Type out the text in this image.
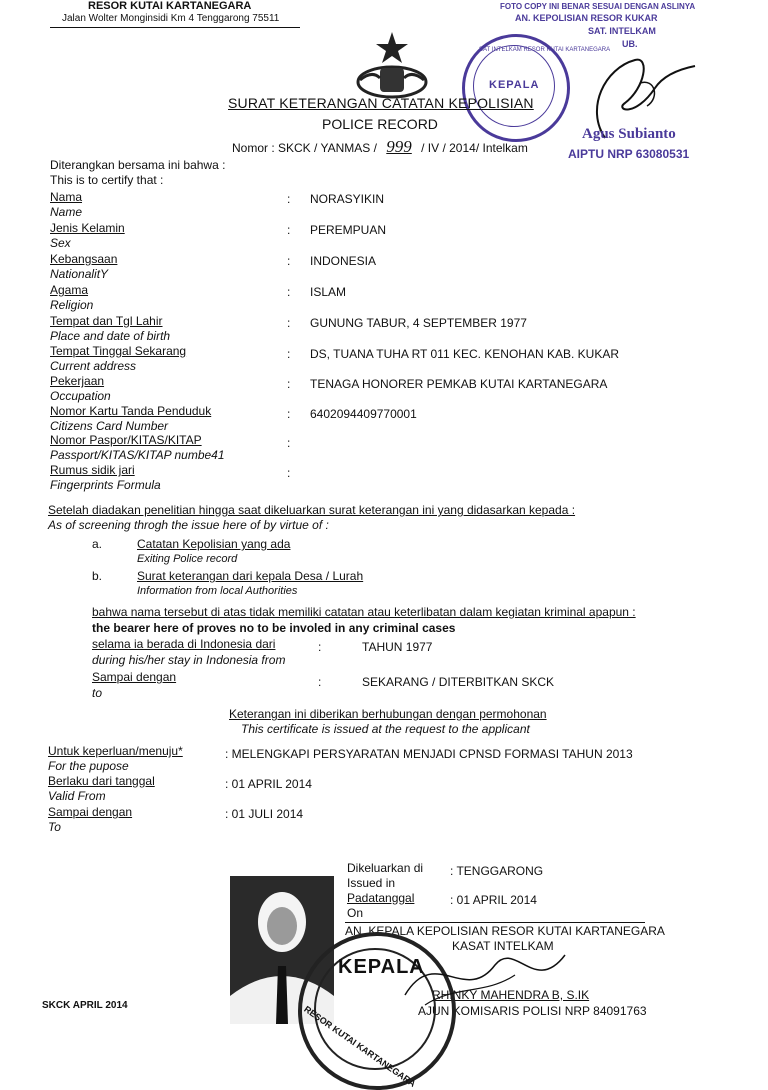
RESOR KUTAI KARTANEGARA
Jalan Wolter Monginsidi Km 4 Tenggarong 75511
FOTO COPY INI BENAR SESUAI DENGAN ASLINYA
AN. KEPOLISIAN RESOR KUKAR
SAT. INTELKAM
UB.
Agus Subianto
AIPTU NRP 63080531
KEPALA
SAT INTELKAM RESOR KUTAI KARTANEGARA
SURAT KETERANGAN CATATAN KEPOLISIAN
POLICE RECORD
Nomor : SKCK / YANMAS / 999 / IV / 2014/ Intelkam
Diterangkan bersama ini bahwa :
This is to certify that :
Nama
Name
: NORASYIKIN
Jenis Kelamin
Sex
: PEREMPUAN
Kebangsaan
NationalitY
: INDONESIA
Agama
Religion
: ISLAM
Tempat dan Tgl Lahir
Place and date of birth
: GUNUNG TABUR, 4 SEPTEMBER 1977
Tempat Tinggal Sekarang
Current address
: DS, TUANA TUHA RT 011 KEC. KENOHAN KAB. KUKAR
Pekerjaan
Occupation
: TENAGA HONORER PEMKAB KUTAI KARTANEGARA
Nomor Kartu Tanda Penduduk
Citizens Card Number
: 6402094409770001
Nomor Paspor/KITAS/KITAP
Passport/KITAS/KITAP numbe41
:
Rumus sidik jari
Fingerprints Formula
:
Setelah diadakan penelitian hingga saat dikeluarkan surat keterangan ini yang didasarkan kepada :
As of screening throgh the issue here of by virtue of :
a.	Catatan Kepolisian yang ada
Exiting Police record
b.	Surat keterangan dari kepala Desa / Lurah
Information from local Authorities
bahwa nama tersebut di atas tidak memiliki catatan atau keterlibatan dalam kegiatan kriminal apapun :
the bearer here of proves no to be involed in any criminal cases
selama ia berada di Indonesia dari
during his/her stay in Indonesia from
:	TAHUN 1977
Sampai dengan
to
:	SEKARANG / DITERBITKAN SKCK
Keterangan ini diberikan berhubungan dengan permohonan
This certificate is issued at the request to the applicant
Untuk keperluan/menuju*
For the pupose
: MELENGKAPI PERSYARATAN MENJADI CPNSD FORMASI TAHUN 2013
Berlaku dari tanggal
Valid From
: 01 APRIL 2014
Sampai dengan
To
: 01 JULI 2014
Dikeluarkan di
Issued in
: TENGGARONG
Padatanggal
On
: 01 APRIL 2014
AN. KEPALA KEPOLISIAN RESOR KUTAI KARTANEGARA
KASAT INTELKAM
RHINKY MAHENDRA B, S.IK
AJUN KOMISARIS POLISI NRP 84091763
KEPALA
RESOR KUTAI KARTANEGARA
SKCK APRIL 2014
